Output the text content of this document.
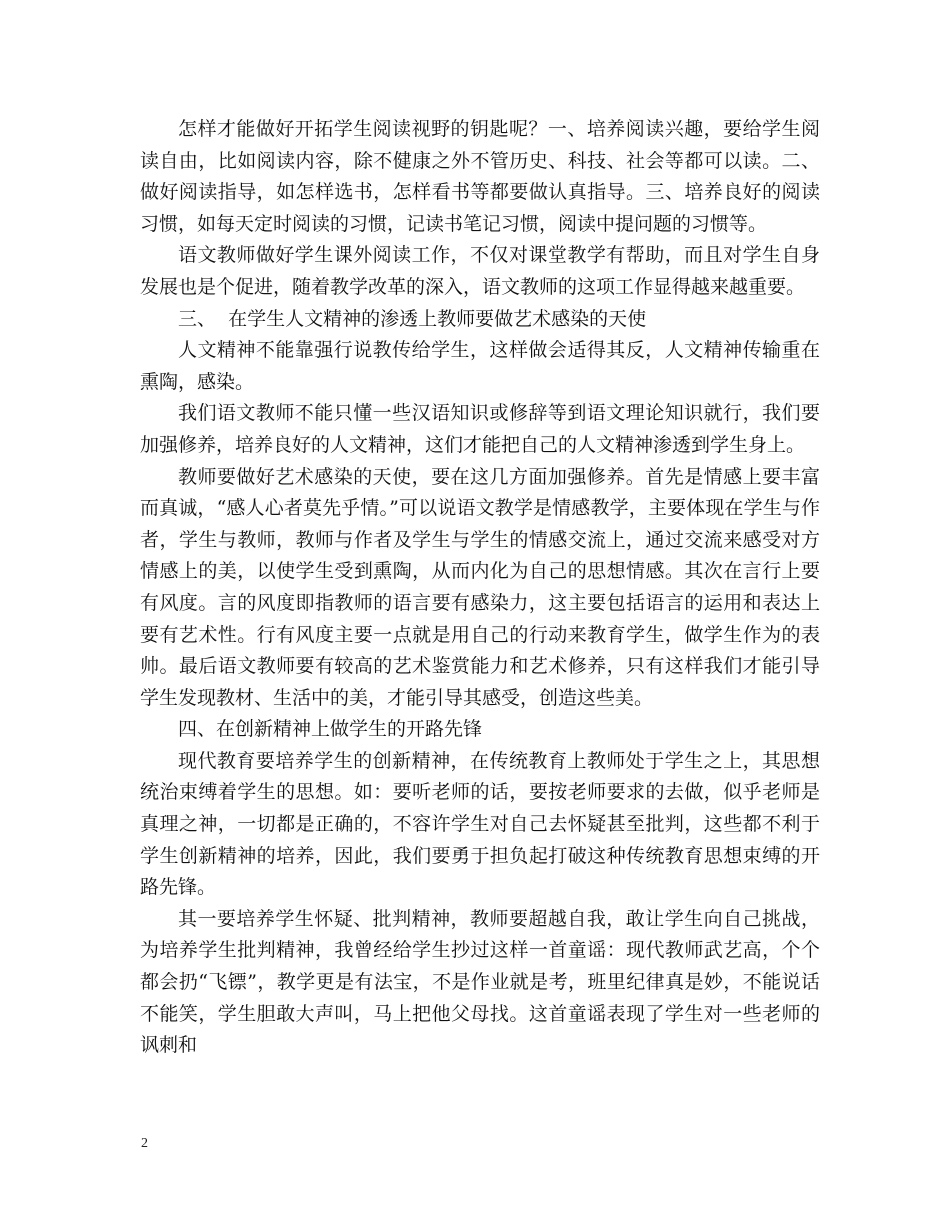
怎样才能做好开拓学生阅读视野的钥匙呢？一、培养阅读兴趣，要给学生阅读自由，比如阅读内容，除不健康之外不管历史、科技、社会等都可以读。二、做好阅读指导，如怎样选书，怎样看书等都要做认真指导。三、培养良好的阅读习惯，如每天定时阅读的习惯，记读书笔记习惯，阅读中提问题的习惯等。

语文教师做好学生课外阅读工作，不仅对课堂教学有帮助，而且对学生自身发展也是个促进，随着教学改革的深入，语文教师的这项工作显得越来越重要。

三、  在学生人文精神的渗透上教师要做艺术感染的天使

人文精神不能靠强行说教传给学生，这样做会适得其反，人文精神传输重在熏陶，感染。

我们语文教师不能只懂一些汉语知识或修辞等到语文理论知识就行，我们要加强修养，培养良好的人文精神，这们才能把自己的人文精神渗透到学生身上。

教师要做好艺术感染的天使，要在这几方面加强修养。首先是情感上要丰富而真诚，“感人心者莫先乎情。”可以说语文教学是情感教学，主要体现在学生与作者，学生与教师，教师与作者及学生与学生的情感交流上，通过交流来感受对方情感上的美，以使学生受到熏陶，从而内化为自己的思想情感。其次在言行上要有风度。言的风度即指教师的语言要有感染力，这主要包括语言的运用和表达上要有艺术性。行有风度主要一点就是用自己的行动来教育学生，做学生作为的表帅。最后语文教师要有较高的艺术鉴赏能力和艺术修养，只有这样我们才能引导学生发现教材、生活中的美，才能引导其感受，创造这些美。

四、在创新精神上做学生的开路先锋

现代教育要培养学生的创新精神，在传统教育上教师处于学生之上，其思想统治束缚着学生的思想。如：要听老师的话，要按老师要求的去做，似乎老师是真理之神，一切都是正确的，不容许学生对自己去怀疑甚至批判，这些都不利于学生创新精神的培养，因此，我们要勇于担负起打破这种传统教育思想束缚的开路先锋。

其一要培养学生怀疑、批判精神，教师要超越自我，敢让学生向自己挑战，为培养学生批判精神，我曾经给学生抄过这样一首童谣：现代教师武艺高，个个都会扔“飞镖”，教学更是有法宝，不是作业就是考，班里纪律真是妙，不能说话不能笑，学生胆敢大声叫，马上把他父母找。这首童谣表现了学生对一些老师的讽刺和

2
